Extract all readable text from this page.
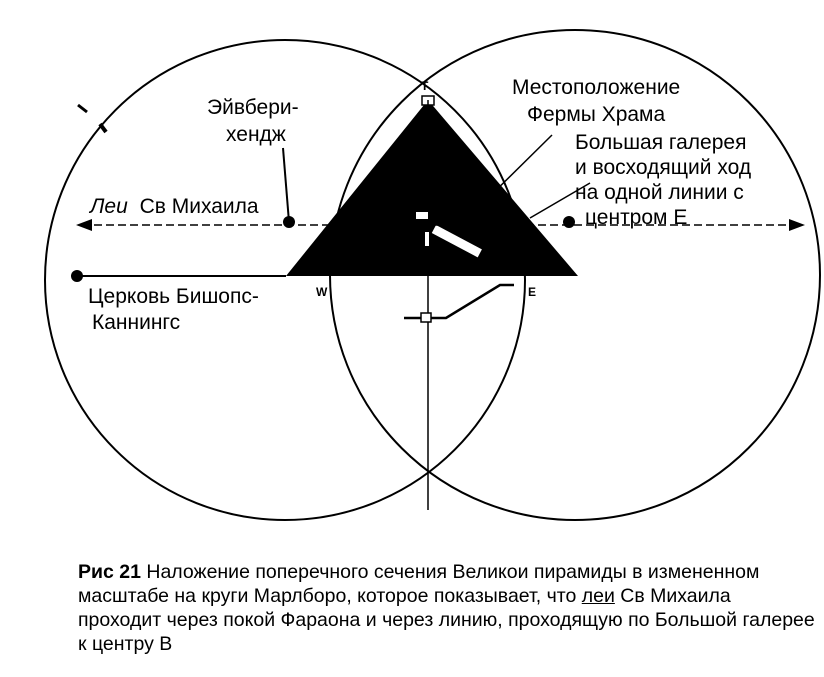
T
W	E
Эйвбери-
хендж
Местоположение
Фермы Храма
Большая галерея
и восходящий ход
на одной линии с
центром Е
Леи Св Михаила
Церковь Бишопс-
Каннингс
Рис 21 Наложение поперечного сечения Великои пирамиды в измененном масштабе на круги Марлборо, которое показывает, что леи Св Михаила проходит через покой Фараона и через линию, проходящую по Большой галерее к центру В
